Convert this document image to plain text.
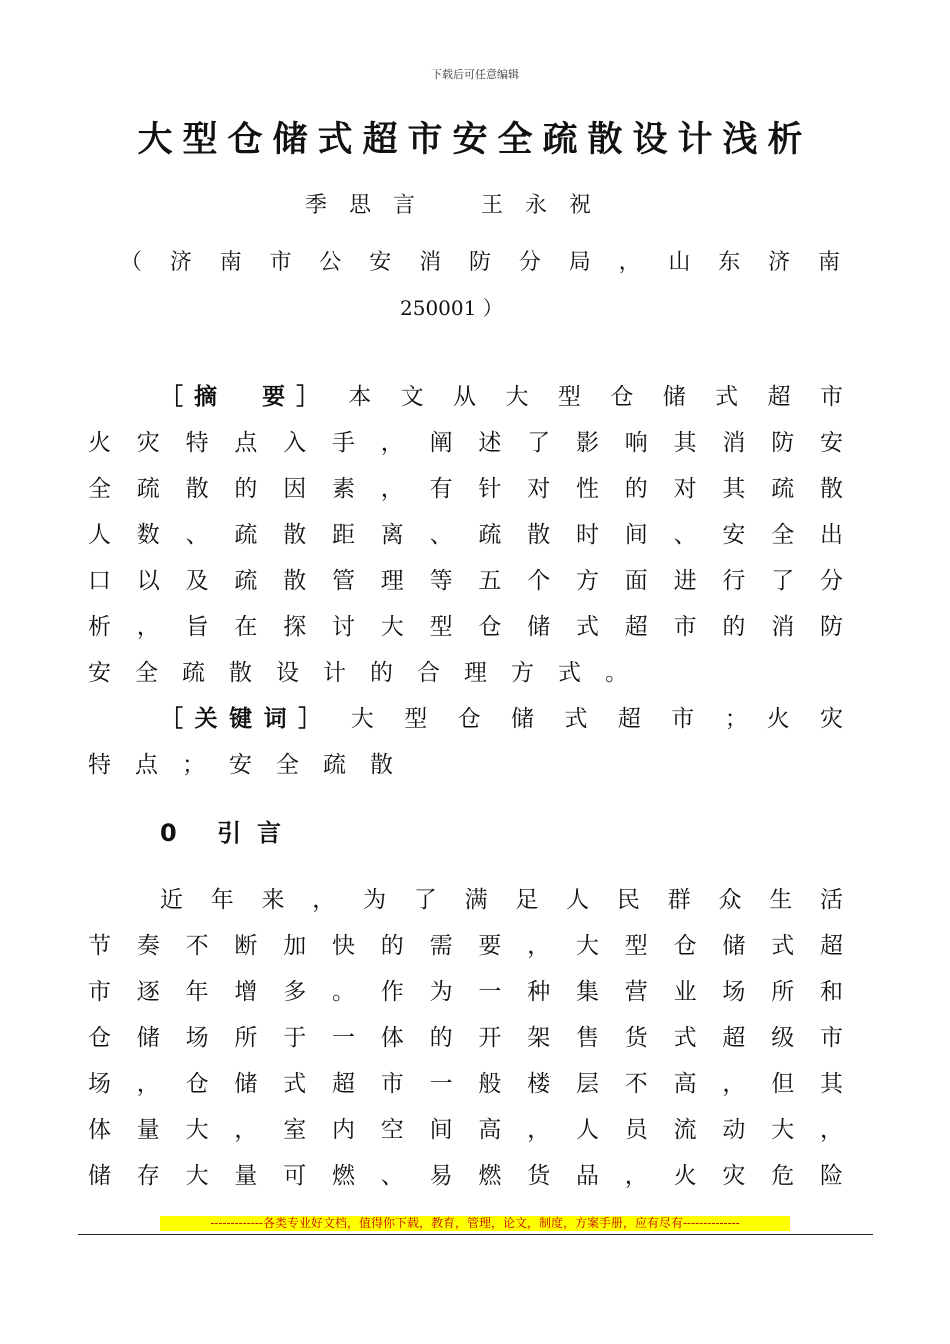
下载后可任意编辑
大型仓储式超市安全疏散设计浅析
季思言　王永祝
（ 济 南 市 公 安 消 防 分 局 ， 山 东 济 南
250001 ）
［摘　要］ 本 文 从 大 型 仓 储 式 超 市
火 灾 特 点 入 手 ， 阐 述 了 影 响 其 消 防 安
全 疏 散 的 因 素 ， 有 针 对 性 的 对 其 疏 散
人 数 、 疏 散 距 离 、 疏 散 时 间 、 安 全 出
口 以 及 疏 散 管 理 等 五 个 方 面 进 行 了 分
析 ， 旨 在 探 讨 大 型 仓 储 式 超 市 的 消 防
安全疏散设计的合理方式。
［关键词］ 大 型 仓 储 式 超 市 ； 火 灾
特点；安全疏散
0 引言
近 年 来 ， 为 了 满 足 人 民 群 众 生 活
节 奏 不 断 加 快 的 需 要 ， 大 型 仓 储 式 超
市 逐 年 增 多 。 作 为 一 种 集 营 业 场 所 和
仓 储 场 所 于 一 体 的 开 架 售 货 式 超 级 市
场 ， 仓 储 式 超 市 一 般 楼 层 不 高 ， 但 其
体 量 大 ， 室 内 空 间 高 ， 人 员 流 动 大 ，
储 存 大 量 可 燃 、 易 燃 货 品 ， 火 灾 危 险
-------------各类专业好文档，值得你下载，教育，管理，论文，制度，方案手册，应有尽有--------------
